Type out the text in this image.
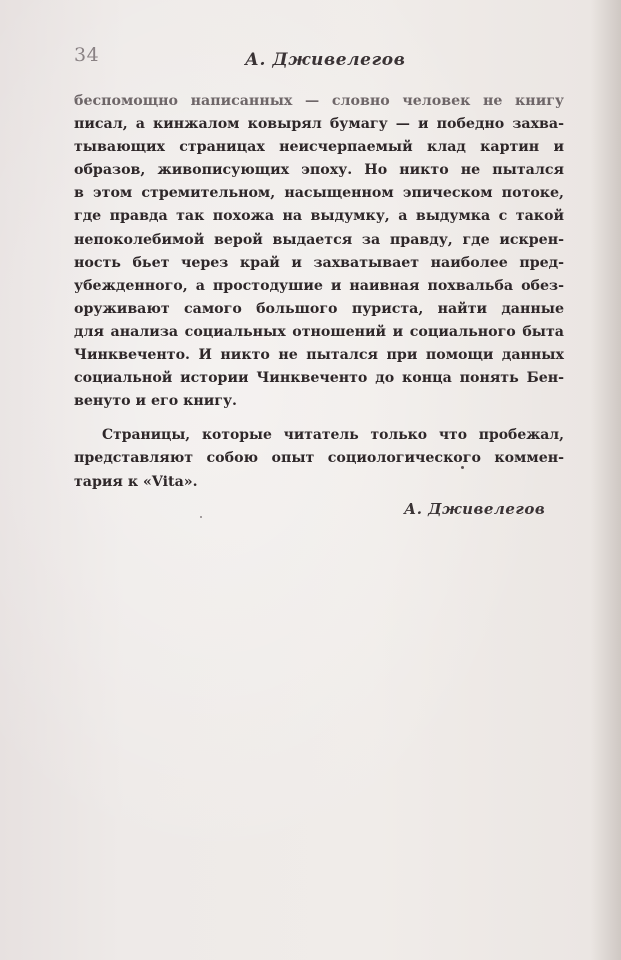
34	А. Дживелегов
беспомощно написанных — словно человек не книгу
писал, а кинжалом ковырял бумагу — и победно захва-
тывающих страницах неисчерпаемый клад картин и
образов, живописующих эпоху. Но никто не пытался
в этом стремительном, насыщенном эпическом потоке,
где правда так похожа на выдумку, а выдумка с такой
непоколебимой верой выдается за правду, где искрен-
ность бьет через край и захватывает наиболее пред-
убежденного, а простодушие и наивная похвальба обез-
оруживают самого большого пуриста, найти данные
для анализа социальных отношений и социального быта
Чинквеченто. И никто не пытался при помощи данных
социальной истории Чинквеченто до конца понять Бен-
венуто и его книгу.
Страницы, которые читатель только что пробежал,
представляют собою опыт социологического коммен-
тария к «Vita».
А. Дживелегов
